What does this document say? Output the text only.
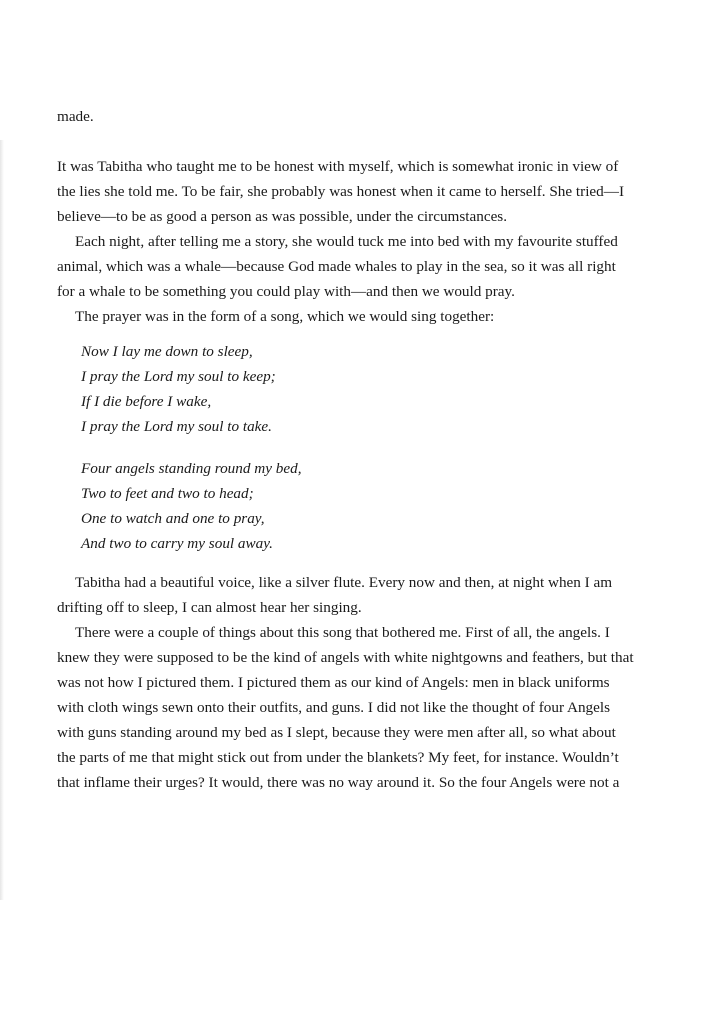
made.

It was Tabitha who taught me to be honest with myself, which is somewhat ironic in view of
the lies she told me. To be fair, she probably was honest when it came to herself. She tried—I
believe—to be as good a person as was possible, under the circumstances.

Each night, after telling me a story, she would tuck me into bed with my favourite stuffed
animal, which was a whale—because God made whales to play in the sea, so it was all right
for a whale to be something you could play with—and then we would pray.

The prayer was in the form of a song, which we would sing together:

Now I lay me down to sleep,
I pray the Lord my soul to keep;
If I die before I wake,
I pray the Lord my soul to take.
Four angels standing round my bed,
Two to feet and two to head;
One to watch and one to pray,
And two to carry my soul away.

Tabitha had a beautiful voice, like a silver flute. Every now and then, at night when I am
drifting off to sleep, I can almost hear her singing.

There were a couple of things about this song that bothered me. First of all, the angels. I
knew they were supposed to be the kind of angels with white nightgowns and feathers, but that
was not how I pictured them. I pictured them as our kind of Angels: men in black uniforms
with cloth wings sewn onto their outfits, and guns. I did not like the thought of four Angels
with guns standing around my bed as I slept, because they were men after all, so what about
the parts of me that might stick out from under the blankets? My feet, for instance. Wouldn’t
that inflame their urges? It would, there was no way around it. So the four Angels were not a
